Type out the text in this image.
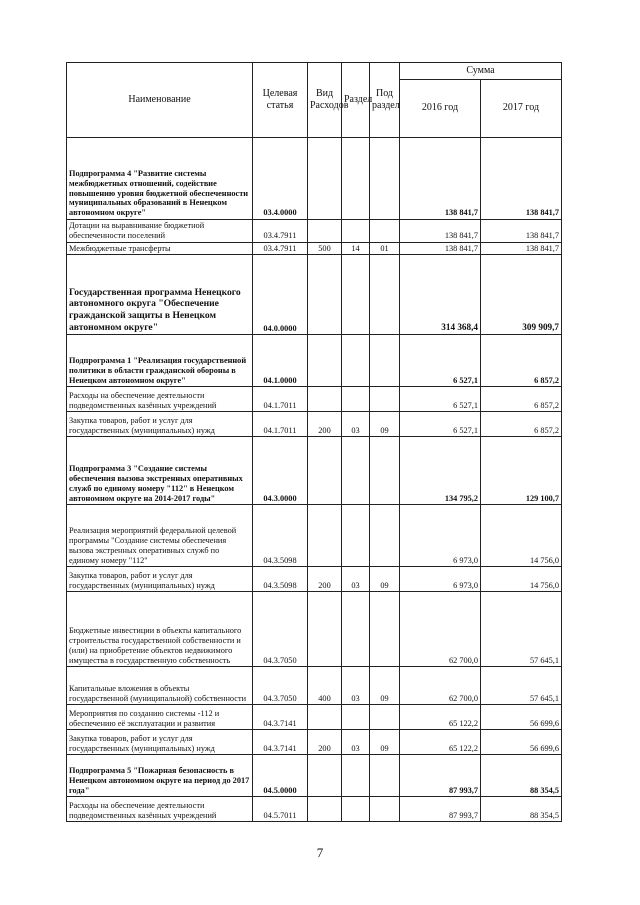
Наименование	Целевая статья	Вид Расходов	Раздел	Под раздел	Сумма	
					2016 год	2017 год
Подпрограмма 4 "Развитие системы межбюджетных отношений, содействие повышению уровня бюджетной обеспеченности муниципальных образований в Ненецком автономном округе"	03.4.0000				138 841,7	138 841,7
Дотации на выравнивание бюджетной обеспеченности поселений	03.4.7911				138 841,7	138 841,7
Межбюджетные трансферты	03.4.7911	500	14	01	138 841,7	138 841,7
Государственная программа Ненецкого автономного округа "Обеспечение гражданской защиты в Ненецком автономном округе"	04.0.0000				314 368,4	309 909,7
Подпрограмма 1 "Реализация государственной политики в области гражданской обороны в Ненецком автономном округе"	04.1.0000				6 527,1	6 857,2
Расходы на обеспечение деятельности подведомственных казённых учреждений	04.1.7011				6 527,1	6 857,2
Закупка товаров, работ и услуг для государственных (муниципальных) нужд	04.1.7011	200	03	09	6 527,1	6 857,2
Подпрограмма 3 "Создание системы обеспечения вызова экстренных оперативных служб по единому номеру "112" в Ненецком автономном округе на 2014-2017 годы"	04.3.0000				134 795,2	129 100,7
Реализация мероприятий федеральной целевой программы "Создание системы обеспечения вызова экстренных оперативных служб по единому номеру "112"	04.3.5098				6 973,0	14 756,0
Закупка товаров, работ и услуг для государственных (муниципальных) нужд	04.3.5098	200	03	09	6 973,0	14 756,0
Бюджетные инвестиции в объекты капитального строительства государственной собственности и (или) на приобретение объектов недвижимого имущества в государственную собственность	04.3.7050				62 700,0	57 645,1
Капитальные вложения в объекты государственной (муниципальной) собственности	04.3.7050	400	03	09	62 700,0	57 645,1
Мероприятия по созданию системы -112 и обеспечению её эксплуатации и развития	04.3.7141				65 122,2	56 699,6
Закупка товаров, работ и услуг для государственных (муниципальных) нужд	04.3.7141	200	03	09	65 122,2	56 699,6
Подпрограмма 5 "Пожарная безопасность в Ненецком автономном округе на период до 2017 года"	04.5.0000				87 993,7	88 354,5
Расходы на обеспечение деятельности подведомственных казённых учреждений	04.5.7011				87 993,7	88 354,5
7
